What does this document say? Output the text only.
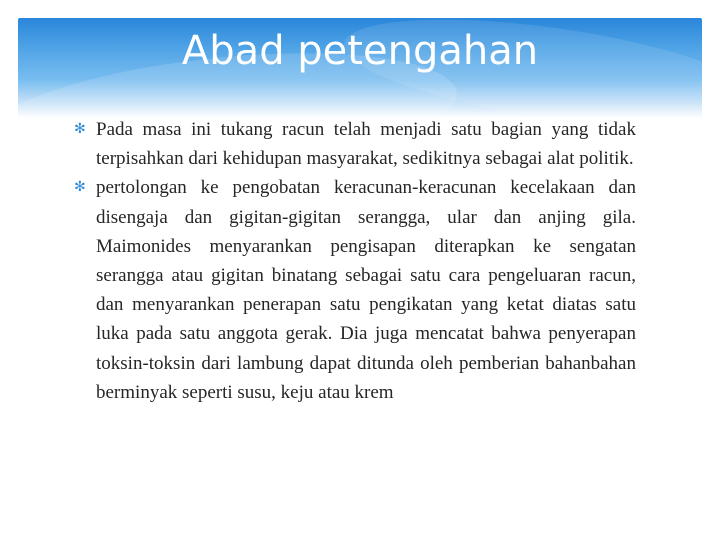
Abad petengahan
✻ Pada masa ini tukang racun telah menjadi satu bagian yang tidak terpisahkan dari kehidupan masyarakat, sedikitnya sebagai alat politik.
✻ pertolongan ke pengobatan keracunan-keracunan kecelakaan dan disengaja dan gigitan-gigitan serangga, ular dan anjing gila. Maimonides menyarankan pengisapan diterapkan ke sengatan serangga atau gigitan binatang sebagai satu cara pengeluaran racun, dan menyarankan penerapan satu pengikatan yang ketat diatas satu luka pada satu anggota gerak. Dia juga mencatat bahwa penyerapan toksin-toksin dari lambung dapat ditunda oleh pemberian bahanbahan berminyak seperti susu, keju atau krem
